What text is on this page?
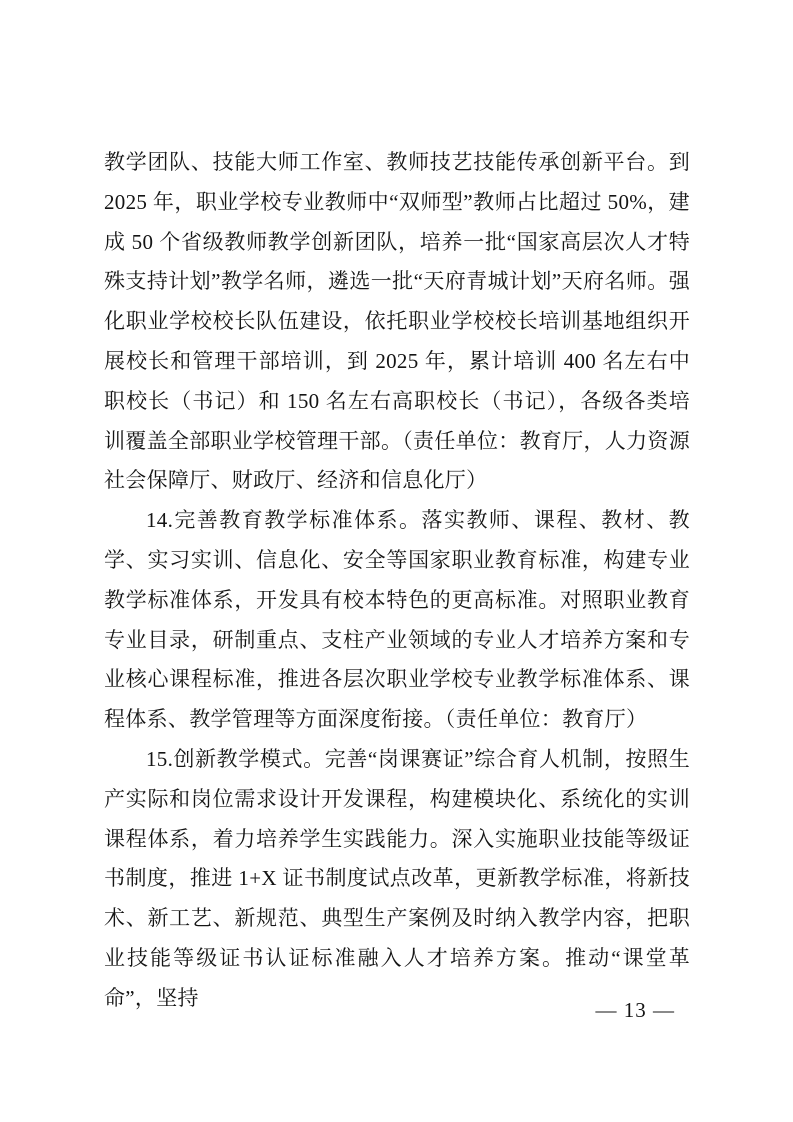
教学团队、技能大师工作室、教师技艺技能传承创新平台。到 2025 年，职业学校专业教师中“双师型”教师占比超过 50%，建成 50 个省级教师教学创新团队，培养一批“国家高层次人才特殊支持计划”教学名师，遴选一批“天府青城计划”天府名师。强化职业学校校长队伍建设，依托职业学校校长培训基地组织开展校长和管理干部培训，到 2025 年，累计培训 400 名左右中职校长（书记）和 150 名左右高职校长（书记），各级各类培训覆盖全部职业学校管理干部。（责任单位：教育厅，人力资源社会保障厅、财政厅、经济和信息化厅）

14.完善教育教学标准体系。落实教师、课程、教材、教学、实习实训、信息化、安全等国家职业教育标准，构建专业教学标准体系，开发具有校本特色的更高标准。对照职业教育专业目录，研制重点、支柱产业领域的专业人才培养方案和专业核心课程标准，推进各层次职业学校专业教学标准体系、课程体系、教学管理等方面深度衔接。（责任单位：教育厅）

15.创新教学模式。完善“岗课赛证”综合育人机制，按照生产实际和岗位需求设计开发课程，构建模块化、系统化的实训课程体系，着力培养学生实践能力。深入实施职业技能等级证书制度，推进 1+X 证书制度试点改革，更新教学标准，将新技术、新工艺、新规范、典型生产案例及时纳入教学内容，把职业技能等级证书认证标准融入人才培养方案。推动“课堂革命”，坚持

— 13 —
